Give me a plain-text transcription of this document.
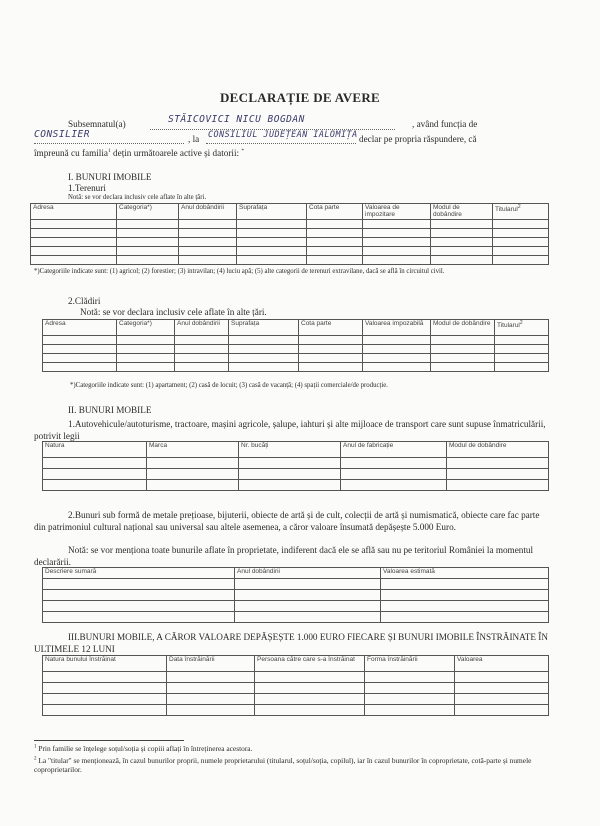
DECLARAȚIE DE AVERE
Subsemnatul(a)	STĂICOVICI NICU BOGDAN	, având funcția de
CONSILIER	, la CONSILIUL JUDEȚEAN IALOMIȚA declar pe propria răspundere, că
împreună cu familia$^1$ dețin următoarele active și datorii: *
I. BUNURI IMOBILE
1.Terenuri
Notă: se vor declara inclusiv cele aflate în alte țări.
Adresa	Categoria*)	Anul dobândirii	Suprafața	Cota parte	Valoarea de impozitare	Modul de dobândire	Titularul$^2$

*)Categoriile indicate sunt: (1) agricol; (2) forestier; (3) intravilan; (4) luciu apă; (5) alte categorii de terenuri extravilane, dacă se află în circuitul civil.
2.Clădiri
Notă: se vor declara inclusiv cele aflate în alte țări.
Adresa	Categoria*)	Anul dobândirii	Suprafața	Cota parte	Valoarea impozabilă	Modul de dobândire	Titularul$^2$

*)Categoriile indicate sunt: (1) apartament; (2) casă de locuit; (3) casă de vacanță; (4) spații comerciale/de producție.
II. BUNURI MOBILE
1.Autovehicule/autoturisme, tractoare, mașini agricole, șalupe, iahturi și alte mijloace de transport care sunt supuse înmatriculării, potrivit legii
Natura	Marca	Nr. bucăți	Anul de fabricație	Modul de dobândire

2.Bunuri sub formă de metale prețioase, bijuterii, obiecte de artă și de cult, colecții de artă și numismatică, obiecte care fac parte din patrimoniul cultural național sau universal sau altele asemenea, a căror valoare însumată depășește 5.000 Euro.
Notă: se vor menționa toate bunurile aflate în proprietate, indiferent dacă ele se află sau nu pe teritoriul României la momentul declarării.
Descriere sumară	Anul dobândirii	Valoarea estimată

III.BUNURI MOBILE, A CĂROR VALOARE DEPĂȘEȘTE 1.000 EURO FIECARE ȘI BUNURI IMOBILE ÎNSTRĂINATE ÎN ULTIMELE 12 LUNI
Natura bunului înstrăinat	Data înstrăinării	Persoana către care s-a înstrăinat	Forma înstrăinării	Valoarea

$^1$ Prin familie se înțelege soțul/soția și copiii aflați în întreținerea acestora.
$^2$ La "titular" se menționează, în cazul bunurilor proprii, numele proprietarului (titularul, soțul/soția, copilul), iar în cazul bunurilor în coproprietate, cotă-parte și numele coproprietarilor.
